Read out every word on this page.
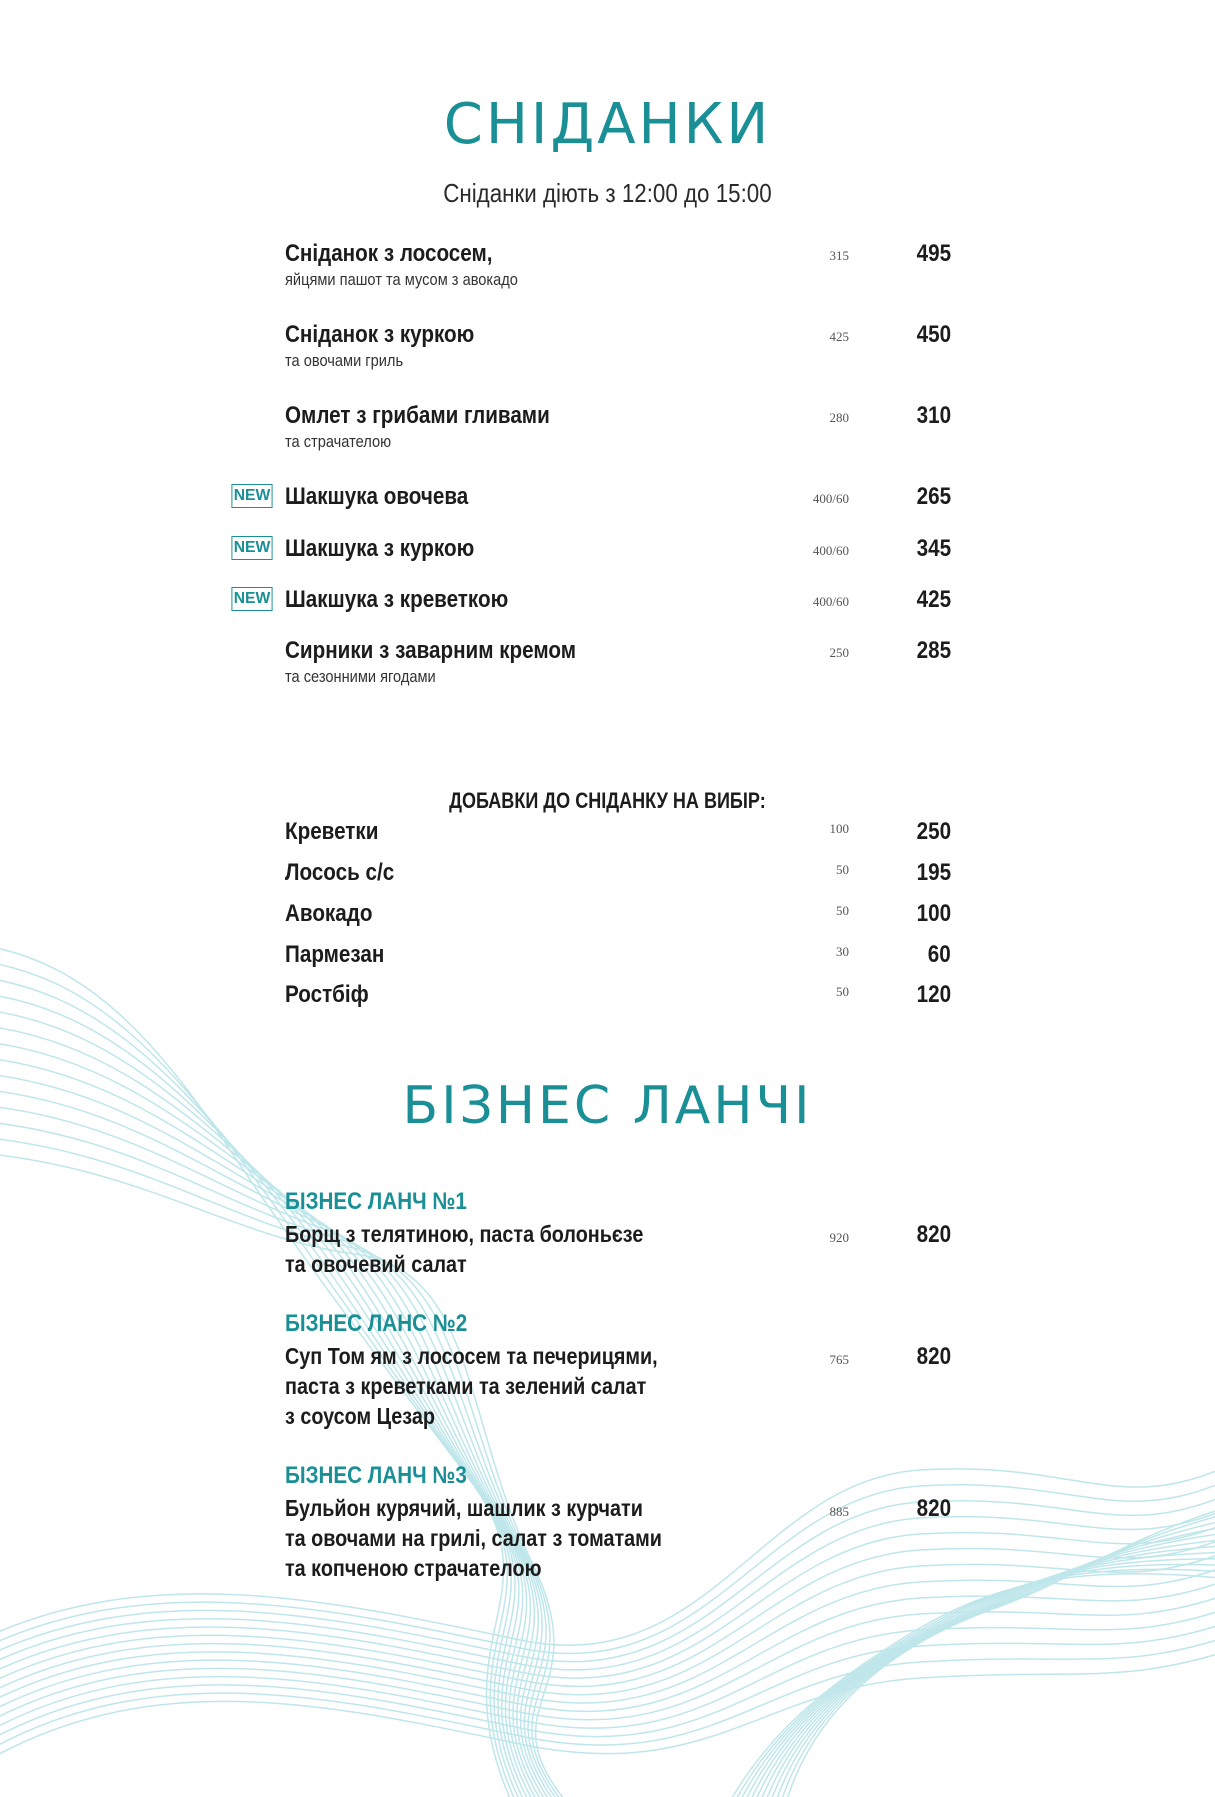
СНІДАНКИ
Сніданки діють з 12:00 до 15:00
Сніданок з лососем,
яйцями пашот та мусом з авокадо
315	495
Сніданок з куркою
та овочами гриль
425	450
Омлет з грибами гливами
та страчателою
280	310
NEW Шакшука овочева	400/60	265
NEW Шакшука з куркою	400/60	345
NEW Шакшука з креветкою	400/60	425
Сирники з заварним кремом
та сезонними ягодами
250	285
ДОБАВКИ ДО СНІДАНКУ НА ВИБІР:
Креветки	100	250
Лосось с/с	50	195
Авокадо	50	100
Пармезан	30	60
Ростбіф	50	120
БІЗНЕС ЛАНЧІ
БІЗНЕС ЛАНЧ №1
Борщ з телятиною, паста болоньєзе
та овочевий салат
920	820
БІЗНЕС ЛАНС №2
Суп Том ям з лососем та печерицями,
паста з креветками та зелений салат
з соусом Цезар
765	820
БІЗНЕС ЛАНЧ №3
Бульйон курячий, шашлик з курчати
та овочами на грилі, салат з томатами
та копченою страчателою
885	820
